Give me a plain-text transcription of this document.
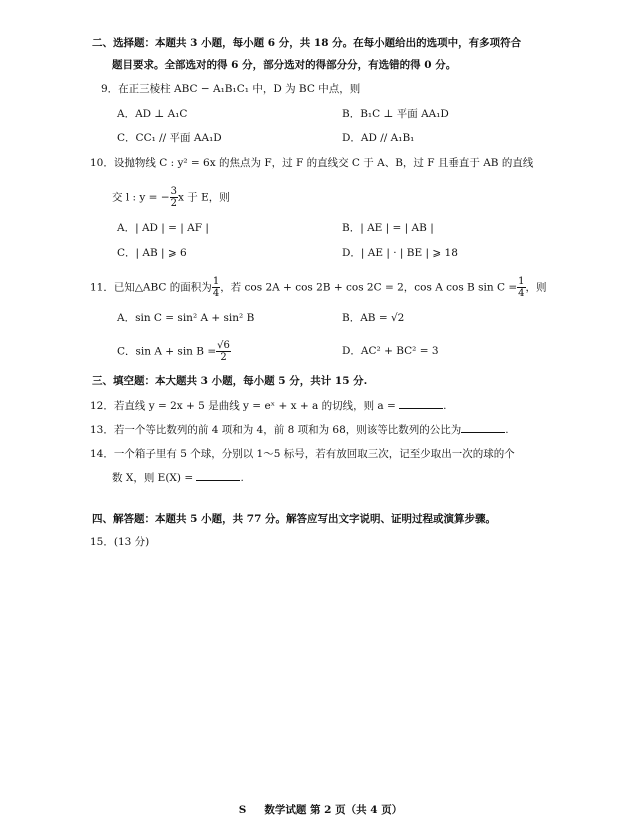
二、选择题：本题共 3 小题，每小题 6 分，共 18 分。在每小题给出的选项中，有多项符合
题目要求。全部选对的得 6 分，部分选对的得部分分，有选错的得 0 分。
9．在正三棱柱 ABC − A₁B₁C₁ 中，D 为 BC 中点，则
A．AD ⊥ A₁C	B．B₁C ⊥ 平面 AA₁D
C．CC₁ // 平面 AA₁D	D．AD // A₁B₁
10．设抛物线 C : y² = 6x 的焦点为 F，过 F 的直线交 C 于 A、B，过 F 且垂直于 AB 的直线
交 l : y = − $\frac{3}{2}$ x 于 E，则
A．| AD | = | AF |	B．| AE | = | AB |
C．| AB | ⩾ 6	D．| AE | · | BE | ⩾ 18
11．已知△ABC 的面积为 $\frac{1}{4}$ ，若 cos 2A + cos 2B + cos 2C = 2，cos A cos B $\sin C = \frac{1}{4}$ ，则
A．sin C = sin² A + sin² B	B．AB = √2
C．$\sin A + \sin B = \frac{√6}{2}$	D．AC² + BC² = 3
三、填空题：本大题共 3 小题，每小题 5 分，共计 15 分.
12．若直线 y = 2x + 5 是曲线 y = eˣ + x + a 的切线，则 a =	.
13．若一个等比数列的前 4 项和为 4，前 8 项和为 68，则该等比数列的公比为	.
14．一个箱子里有 5 个球，分别以 1～5 标号，若有放回取三次，记至少取出一次的球的个
数 X，则 E(X) =	.
四、解答题：本题共 5 小题，共 77 分。解答应写出文字说明、证明过程或演算步骤。
15．(13 分)
S 数学试题 第 2 页（共 4 页）
